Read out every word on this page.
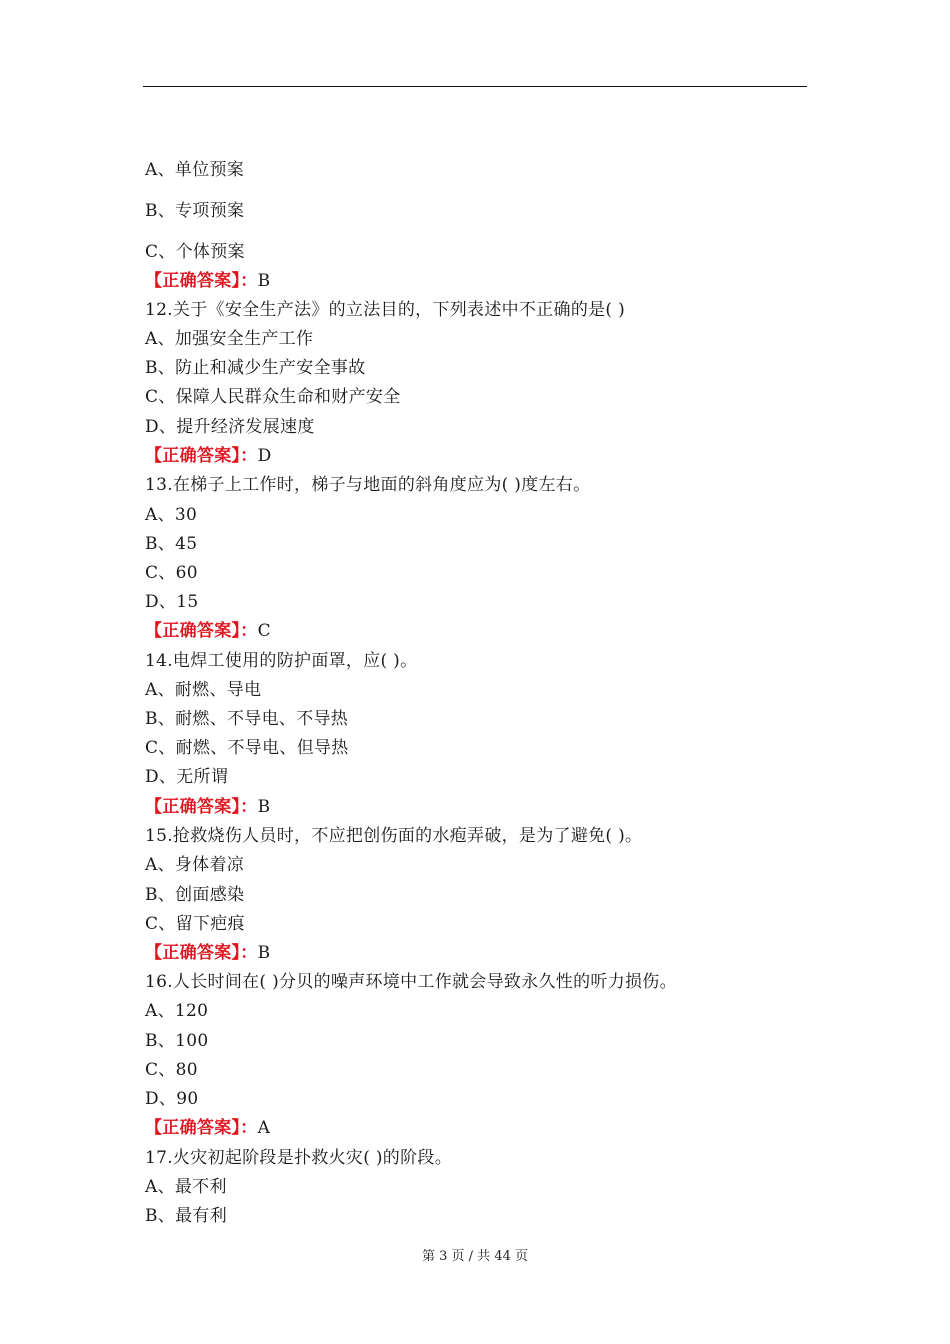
A、单位预案
B、专项预案
C、个体预案
【正确答案】：B
12.关于《安全生产法》的立法目的，下列表述中不正确的是( )
A、加强安全生产工作
B、防止和减少生产安全事故
C、保障人民群众生命和财产安全
D、提升经济发展速度
【正确答案】：D
13.在梯子上工作时，梯子与地面的斜角度应为( )度左右。
A、30
B、45
C、60
D、15
【正确答案】：C
14.电焊工使用的防护面罩，应( )。
A、耐燃、导电
B、耐燃、不导电、不导热
C、耐燃、不导电、但导热
D、无所谓
【正确答案】：B
15.抢救烧伤人员时，不应把创伤面的水疱弄破，是为了避免( )。
A、身体着凉
B、创面感染
C、留下疤痕
【正确答案】：B
16.人长时间在( )分贝的噪声环境中工作就会导致永久性的听力损伤。
A、120
B、100
C、80
D、90
【正确答案】：A
17.火灾初起阶段是扑救火灾( )的阶段。
A、最不利
B、最有利
第 3 页 / 共 44 页
